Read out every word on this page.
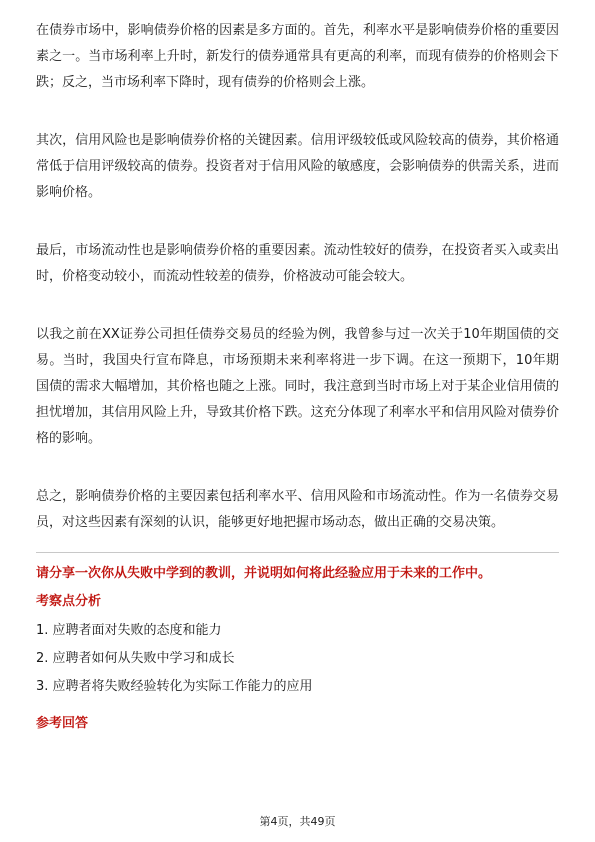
在债券市场中，影响债券价格的因素是多方面的。首先，利率水平是影响债券价格的重要因素之一。当市场利率上升时，新发行的债券通常具有更高的利率，而现有债券的价格则会下跌；反之，当市场利率下降时，现有债券的价格则会上涨。

其次，信用风险也是影响债券价格的关键因素。信用评级较低或风险较高的债券，其价格通常低于信用评级较高的债券。投资者对于信用风险的敏感度，会影响债券的供需关系，进而影响价格。

最后，市场流动性也是影响债券价格的重要因素。流动性较好的债券，在投资者买入或卖出时，价格变动较小，而流动性较差的债券，价格波动可能会较大。

以我之前在XX证券公司担任债券交易员的经验为例，我曾参与过一次关于10年期国债的交易。当时，我国央行宣布降息，市场预期未来利率将进一步下调。在这一预期下，10年期国债的需求大幅增加，其价格也随之上涨。同时，我注意到当时市场上对于某企业信用债的担忧增加，其信用风险上升，导致其价格下跌。这充分体现了利率水平和信用风险对债券价格的影响。

总之，影响债券价格的主要因素包括利率水平、信用风险和市场流动性。作为一名债券交易员，对这些因素有深刻的认识，能够更好地把握市场动态，做出正确的交易决策。

请分享一次你从失败中学到的教训，并说明如何将此经验应用于未来的工作中。
考察点分析
1. 应聘者面对失败的态度和能力
2. 应聘者如何从失败中学习和成长
3. 应聘者将失败经验转化为实际工作能力的应用
参考回答
第4页，共49页
